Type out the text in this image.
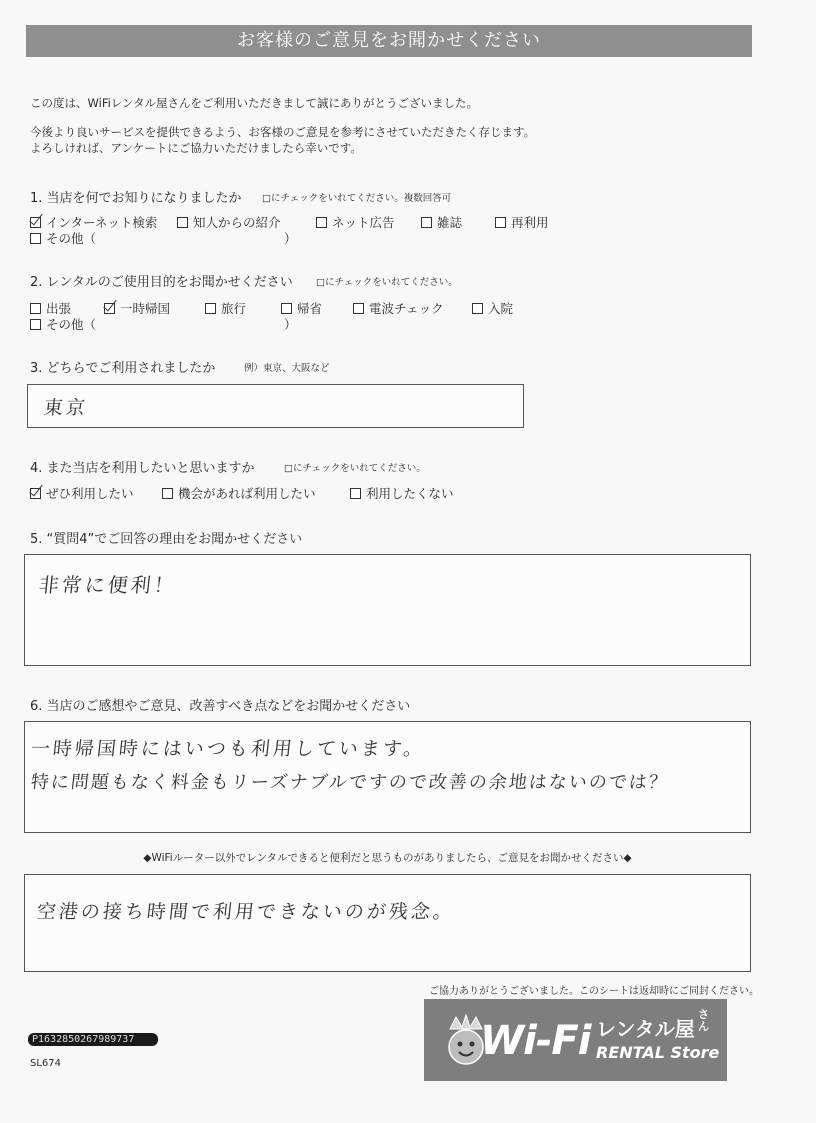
お客様のご意見をお聞かせください
この度は、WiFiレンタル屋さんをご利用いただきまして誠にありがとうございました。
今後より良いサービスを提供できるよう、お客様のご意見を参考にさせていただきたく存じます。
よろしければ、アンケートにご協力いただけましたら幸いです。
1. 当店を何でお知りになりましたか □にチェックをいれてください。複数回答可
インターネット検索	知人からの紹介	ネット広告	雑誌	再利用
その他（	）
2. レンタルのご使用目的をお聞かせください □にチェックをいれてください。
出張	一時帰国	旅行	帰省	電波チェック	入院
その他（	）
3. どちらでご利用されましたか	例）東京、大阪など
東京
4. また当店を利用したいと思いますか	□にチェックをいれてください。
ぜひ利用したい	機会があれば利用したい	利用したくない
5. “質問4”でご回答の理由をお聞かせください
非常に便利！
6. 当店のご感想やご意見、改善すべき点などをお聞かせください
一時帰国時にはいつも利用しています。
特に問題もなく料金もリーズナブルですので改善の余地はないのでは？
◆WiFiルーター以外でレンタルできると便利だと思うものがありましたら、ご意見をお聞かせください◆
空港の接ち時間で利用できないのが残念。
ご協力ありがとうございました。このシートは返却時にご同封ください。
Wi-Fi レンタル屋
さん
RENTAL Store
P1632850267989737
SL674
